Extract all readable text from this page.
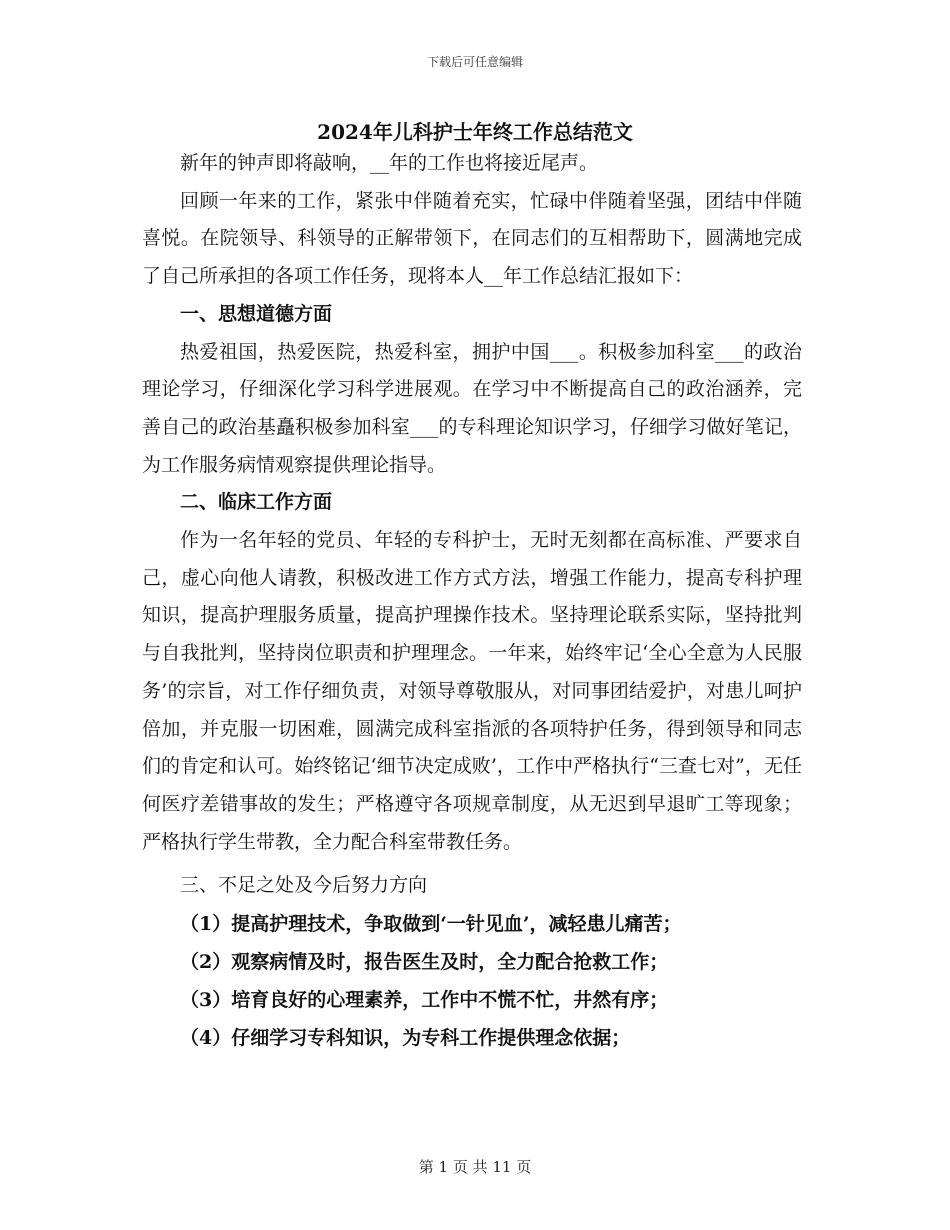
下载后可任意编辑
2024年儿科护士年终工作总结范文

新年的钟声即将敲响，__年的工作也将接近尾声。

回顾一年来的工作，紧张中伴随着充实，忙碌中伴随着坚强，团结中伴随喜悦。在院领导、科领导的正解带领下，在同志们的互相帮助下，圆满地完成了自己所承担的各项工作任务，现将本人__年工作总结汇报如下：

一、思想道德方面

热爱祖国，热爱医院，热爱科室，拥护中国___。积极参加科室___的政治理论学习，仔细深化学习科学进展观。在学习中不断提高自己的政治涵养，完善自己的政治基矗积极参加科室___的专科理论知识学习，仔细学习做好笔记，为工作服务病情观察提供理论指导。

二、临床工作方面

作为一名年轻的党员、年轻的专科护士，无时无刻都在高标准、严要求自己，虚心向他人请教，积极改进工作方式方法，增强工作能力，提高专科护理知识，提高护理服务质量，提高护理操作技术。坚持理论联系实际，坚持批判与自我批判，坚持岗位职责和护理理念。一年来，始终牢记‘全心全意为人民服务’的宗旨，对工作仔细负责，对领导尊敬服从，对同事团结爱护，对患儿呵护倍加，并克服一切困难，圆满完成科室指派的各项特护任务，得到领导和同志们的肯定和认可。始终铭记‘细节决定成败’，工作中严格执行“三查七对”，无任何医疗差错事故的发生；严格遵守各项规章制度，从无迟到早退旷工等现象；严格执行学生带教，全力配合科室带教任务。

三、不足之处及今后努力方向

（1）提高护理技术，争取做到‘一针见血’，减轻患儿痛苦；

（2）观察病情及时，报告医生及时，全力配合抢救工作；

（3）培育良好的心理素养，工作中不慌不忙，井然有序；

（4）仔细学习专科知识，为专科工作提供理念依据；

第 1 页 共 11 页
